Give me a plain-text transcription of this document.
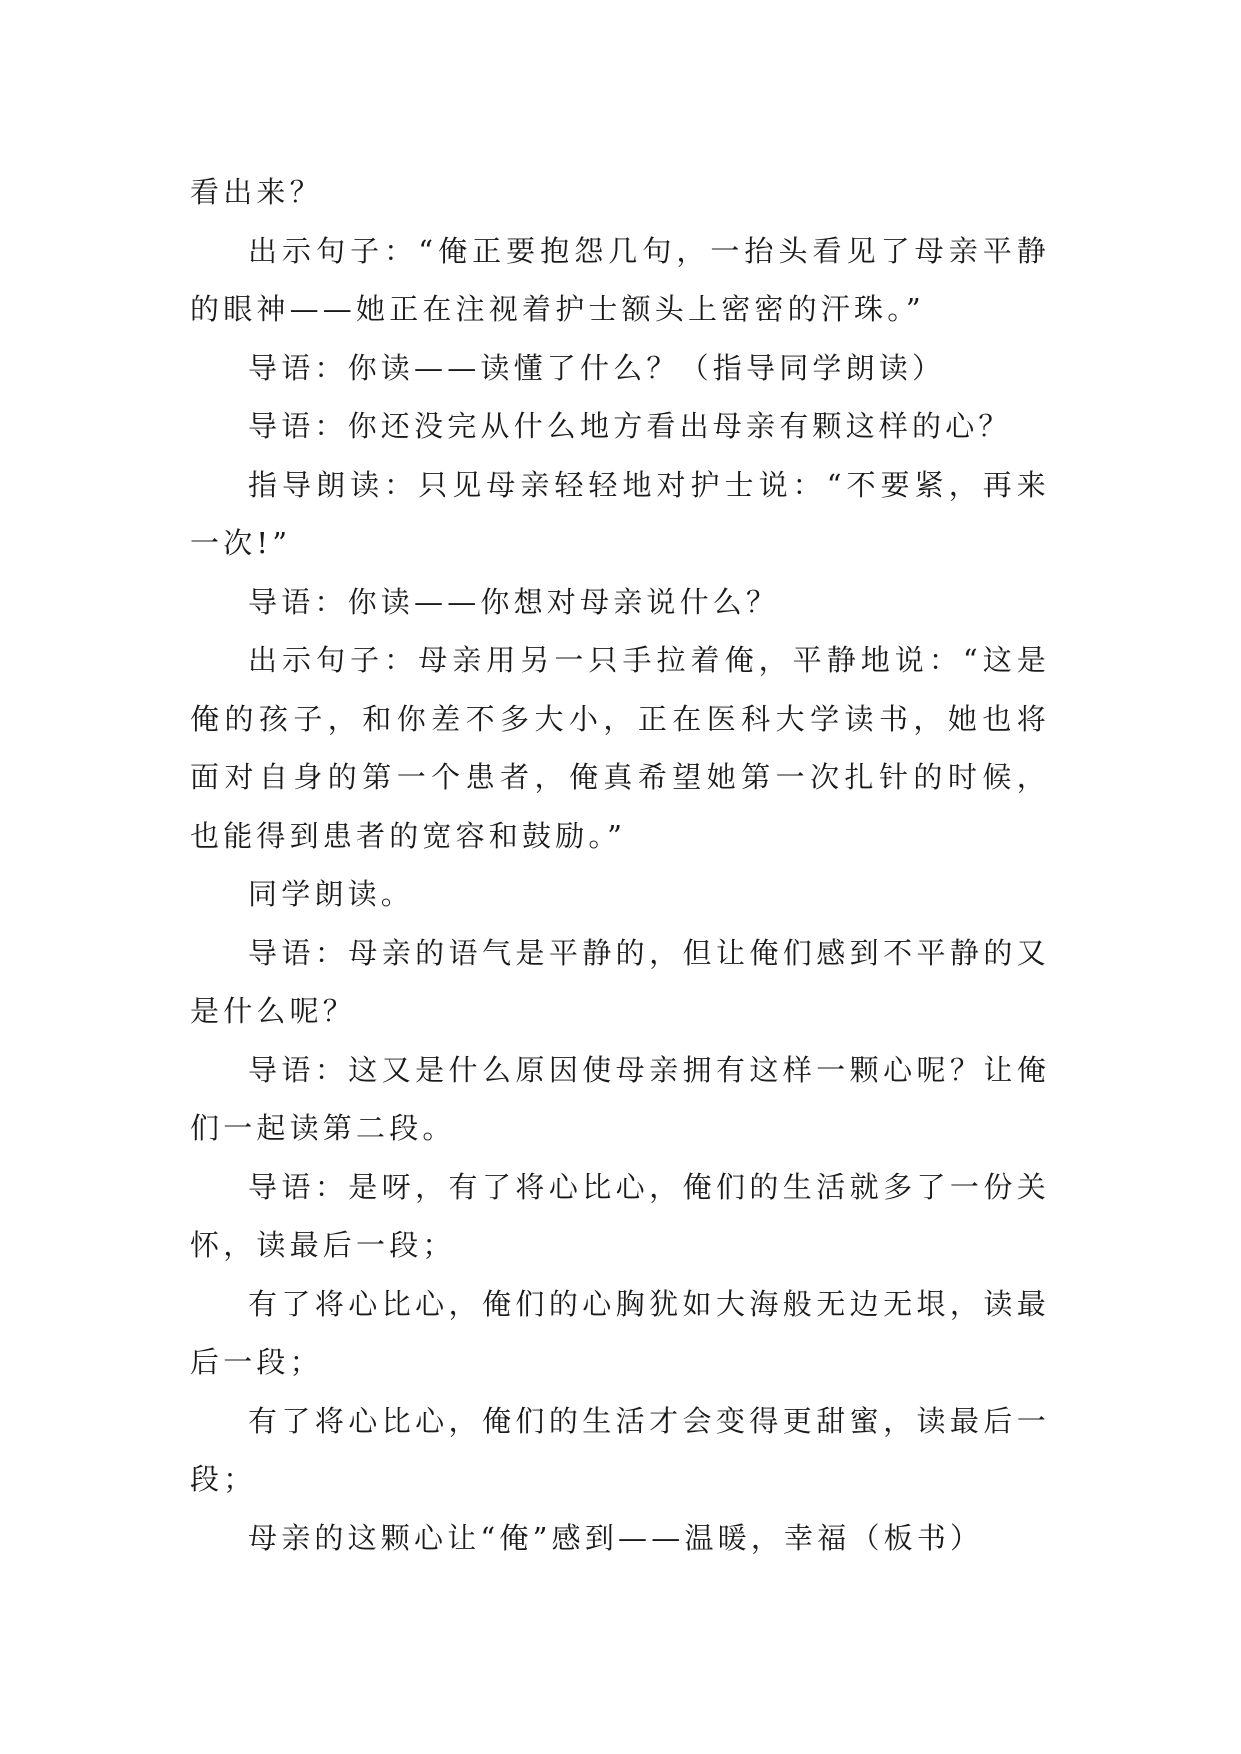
看出来？

出示句子：“俺正要抱怨几句，一抬头看见了母亲平静的眼神——她正在注视着护士额头上密密的汗珠。”

导语：你读——读懂了什么？（指导同学朗读）

导语：你还没完从什么地方看出母亲有颗这样的心？

指导朗读：只见母亲轻轻地对护士说：“不要紧，再来一次!”

导语：你读——你想对母亲说什么？

出示句子：母亲用另一只手拉着俺，平静地说：“这是俺的孩子，和你差不多大小，正在医科大学读书，她也将面对自身的第一个患者，俺真希望她第一次扎针的时候，也能得到患者的宽容和鼓励。”

同学朗读。

导语：母亲的语气是平静的，但让俺们感到不平静的又是什么呢？

导语：这又是什么原因使母亲拥有这样一颗心呢？让俺们一起读第二段。

导语：是呀，有了将心比心，俺们的生活就多了一份关怀，读最后一段；

有了将心比心，俺们的心胸犹如大海般无边无垠，读最后一段；

有了将心比心，俺们的生活才会变得更甜蜜，读最后一段；

母亲的这颗心让“俺”感到——温暖，幸福（板书）
